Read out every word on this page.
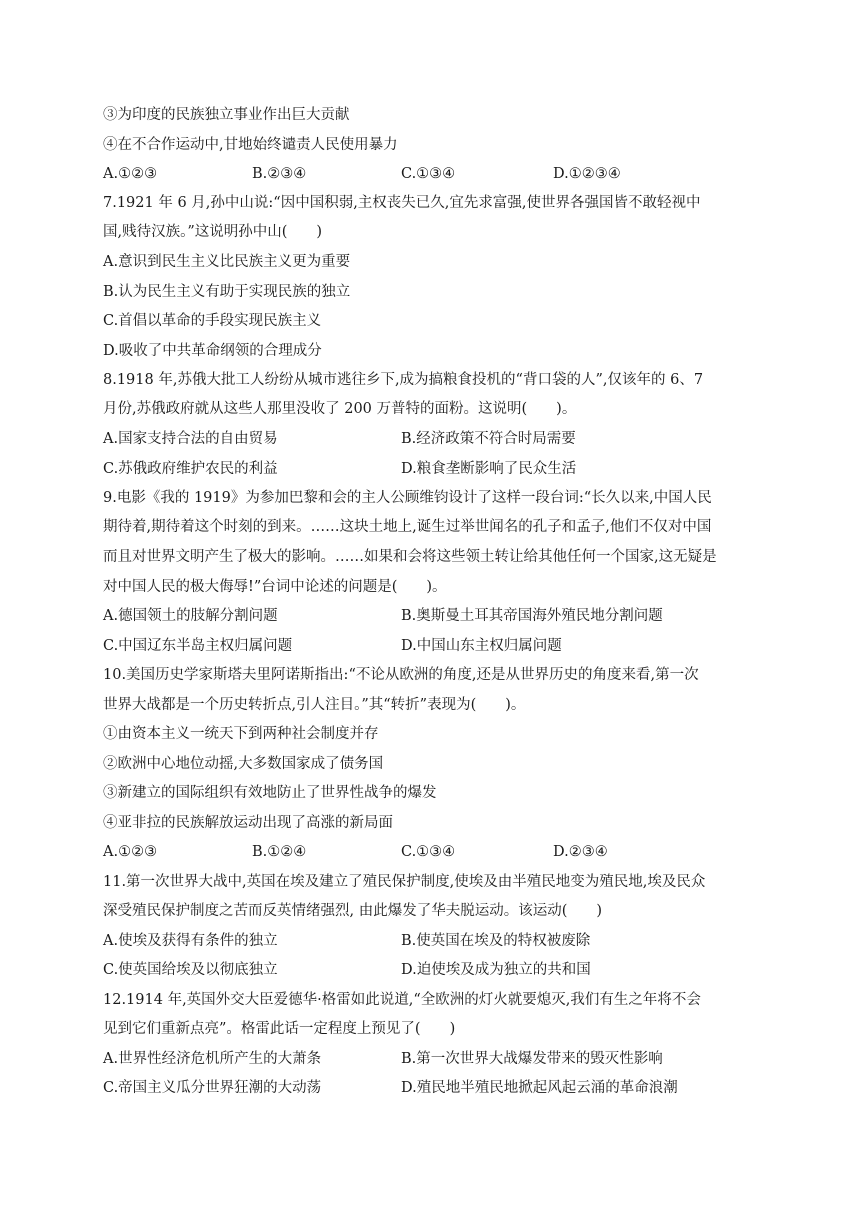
③为印度的民族独立事业作出巨大贡献
④在不合作运动中,甘地始终谴责人民使用暴力
A.①②③	B.②③④	C.①③④	D.①②③④
7.1921 年 6 月,孙中山说:“因中国积弱,主权丧失已久,宜先求富强,使世界各强国皆不敢轻视中
国,贱待汉族。”这说明孙中山(　　)
A.意识到民生主义比民族主义更为重要
B.认为民生主义有助于实现民族的独立
C.首倡以革命的手段实现民族主义
D.吸收了中共革命纲领的合理成分
8.1918 年,苏俄大批工人纷纷从城市逃往乡下,成为搞粮食投机的“背口袋的人”,仅该年的 6、7
月份,苏俄政府就从这些人那里没收了 200 万普特的面粉。这说明(　　)。
A.国家支持合法的自由贸易	B.经济政策不符合时局需要
C.苏俄政府维护农民的利益	D.粮食垄断影响了民众生活
9.电影《我的 1919》为参加巴黎和会的主人公顾维钧设计了这样一段台词:“长久以来,中国人民
期待着,期待着这个时刻的到来。……这块土地上,诞生过举世闻名的孔子和孟子,他们不仅对中国
而且对世界文明产生了极大的影响。……如果和会将这些领土转让给其他任何一个国家,这无疑是
对中国人民的极大侮辱!”台词中论述的问题是(　　)。
A.德国领土的肢解分割问题	B.奥斯曼土耳其帝国海外殖民地分割问题
C.中国辽东半岛主权归属问题	D.中国山东主权归属问题
10.美国历史学家斯塔夫里阿诺斯指出:“不论从欧洲的角度,还是从世界历史的角度来看,第一次
世界大战都是一个历史转折点,引人注目。”其“转折”表现为(　　)。
①由资本主义一统天下到两种社会制度并存
②欧洲中心地位动摇,大多数国家成了债务国
③新建立的国际组织有效地防止了世界性战争的爆发
④亚非拉的民族解放运动出现了高涨的新局面
A.①②③	B.①②④	C.①③④	D.②③④
11.第一次世界大战中,英国在埃及建立了殖民保护制度,使埃及由半殖民地变为殖民地,埃及民众
深受殖民保护制度之苦而反英情绪强烈, 由此爆发了华夫脱运动。该运动(　　)
A.使埃及获得有条件的独立	B.使英国在埃及的特权被废除
C.使英国给埃及以彻底独立	D.迫使埃及成为独立的共和国
12.1914 年,英国外交大臣爱德华·格雷如此说道,“全欧洲的灯火就要熄灭,我们有生之年将不会
见到它们重新点亮”。格雷此话一定程度上预见了(　　)
A.世界性经济危机所产生的大萧条	B.第一次世界大战爆发带来的毁灭性影响
C.帝国主义瓜分世界狂潮的大动荡	D.殖民地半殖民地掀起风起云涌的革命浪潮
